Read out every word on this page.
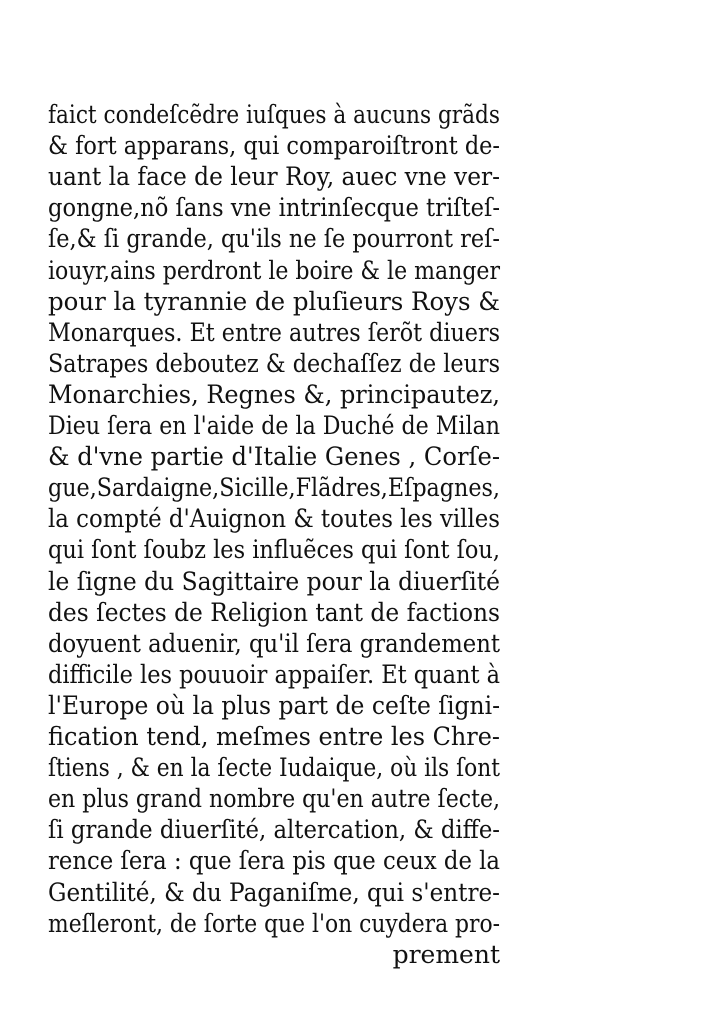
faict condeſcẽdre iuſques à aucuns grãds
& fort apparans, qui comparoiſtront de-
uant la face de leur Roy, auec vne ver-
gongne,nõ ſans vne intrinſecque triſteſ-
ſe,& ſi grande, qu'ils ne ſe pourront reſ-
iouyr,ains perdront le boire & le manger
pour la tyrannie de pluſieurs Roys &
Monarques. Et entre autres ſerõt diuers
Satrapes deboutez & dechaſſez de leurs
Monarchies, Regnes &, principautez,
Dieu ſera en l'aide de la Duché de Milan
& d'vne partie d'Italie Genes , Corſe-
gue,Sardaigne,Sicille,Flãdres,Eſpagnes,
la compté d'Auignon & toutes les villes
qui ſont ſoubz les influẽces qui ſont ſou,
le ſigne du Sagittaire pour la diuerſité
des ſectes de Religion tant de factions
doyuent aduenir, qu'il ſera grandement
difficile les pouuoir appaiſer. Et quant à
l'Europe où la plus part de ceſte ſigni-
fication tend, meſmes entre les Chre-
ſtiens , & en la ſecte Iudaique, où ils ſont
en plus grand nombre qu'en autre ſecte,
ſi grande diuerſité, altercation, & diffe-
rence ſera : que ſera pis que ceux de la
Gentilité, & du Paganiſme, qui s'entre-
meſleront, de ſorte que l'on cuydera pro-
prement
